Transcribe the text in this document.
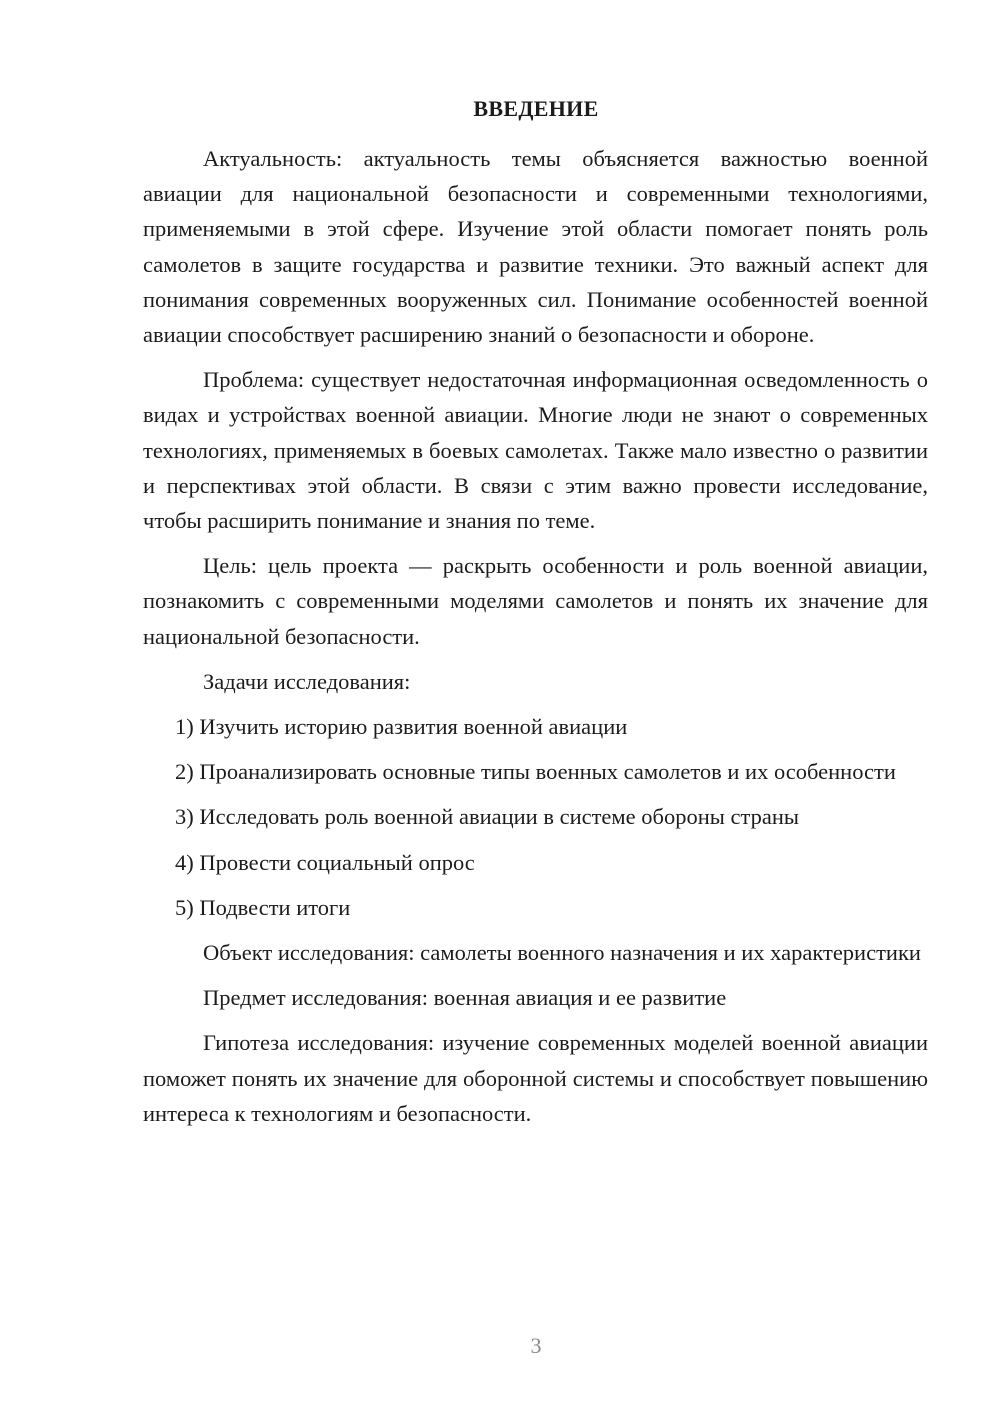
ВВЕДЕНИЕ

Актуальность: актуальность темы объясняется важностью военной авиации для национальной безопасности и современными технологиями, применяемыми в этой сфере. Изучение этой области помогает понять роль самолетов в защите государства и развитие техники. Это важный аспект для понимания современных вооруженных сил. Понимание особенностей военной авиации способствует расширению знаний о безопасности и обороне.

Проблема: существует недостаточная информационная осведомленность о видах и устройствах военной авиации. Многие люди не знают о современных технологиях, применяемых в боевых самолетах. Также мало известно о развитии и перспективах этой области. В связи с этим важно провести исследование, чтобы расширить понимание и знания по теме.

Цель: цель проекта — раскрыть особенности и роль военной авиации, познакомить с современными моделями самолетов и понять их значение для национальной безопасности.

Задачи исследования:

1) Изучить историю развития военной авиации

2) Проанализировать основные типы военных самолетов и их особенности

3) Исследовать роль военной авиации в системе обороны страны

4) Провести социальный опрос

5) Подвести итоги

Объект исследования: самолеты военного назначения и их характеристики

Предмет исследования: военная авиация и ее развитие

Гипотеза исследования: изучение современных моделей военной авиации поможет понять их значение для оборонной системы и способствует повышению интереса к технологиям и безопасности.

3
